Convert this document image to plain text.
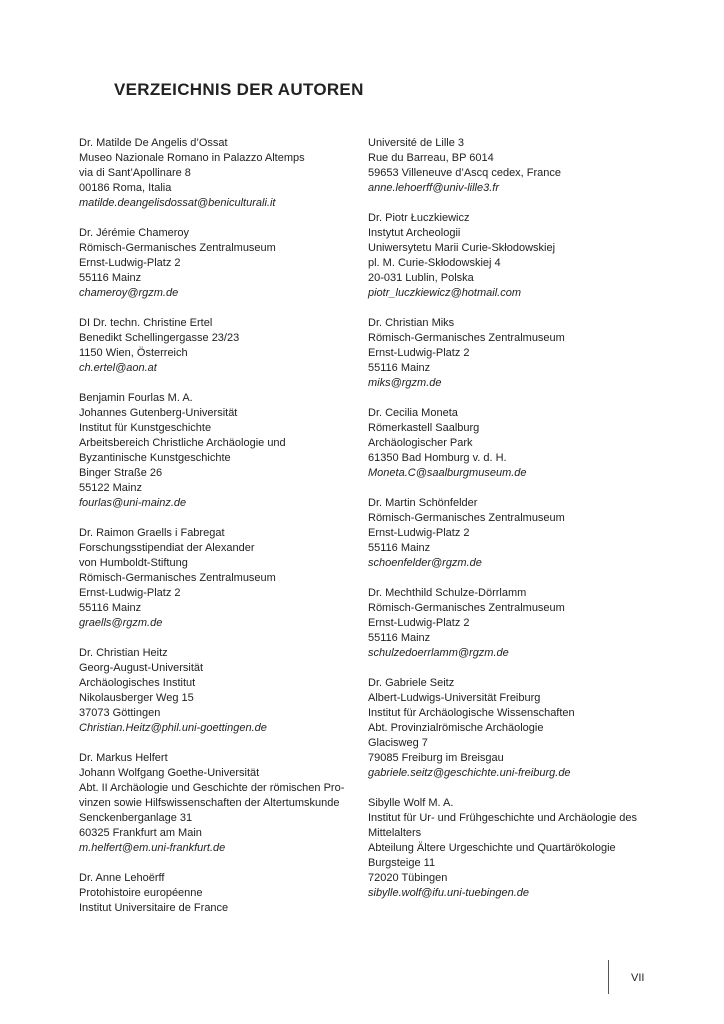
VERZEICHNIS DER AUTOREN
Dr. Matilde De Angelis d’Ossat
Museo Nazionale Romano in Palazzo Altemps
via di Sant’Apollinare 8
00186 Roma, Italia
matilde.deangelisdossat@beniculturali.it
Dr. Jérémie Chameroy
Römisch-Germanisches Zentralmuseum
Ernst-Ludwig-Platz 2
55116 Mainz
chameroy@rgzm.de
DI Dr. techn. Christine Ertel
Benedikt Schellingergasse 23/23
1150 Wien, Österreich
ch.ertel@aon.at
Benjamin Fourlas M. A.
Johannes Gutenberg-Universität
Institut für Kunstgeschichte
Arbeitsbereich Christliche Archäologie und
Byzantinische Kunstgeschichte
Binger Straße 26
55122 Mainz
fourlas@uni-mainz.de
Dr. Raimon Graells i Fabregat
Forschungsstipendiat der Alexander
von Humboldt-Stiftung
Römisch-Germanisches Zentralmuseum
Ernst-Ludwig-Platz 2
55116 Mainz
graells@rgzm.de
Dr. Christian Heitz
Georg-August-Universität
Archäologisches Institut
Nikolausberger Weg 15
37073 Göttingen
Christian.Heitz@phil.uni-goettingen.de
Dr. Markus Helfert
Johann Wolfgang Goethe-Universität
Abt. II Archäologie und Geschichte der römischen Pro-
vinzen sowie Hilfswissenschaften der Altertumskunde
Senckenberganlage 31
60325 Frankfurt am Main
m.helfert@em.uni-frankfurt.de
Dr. Anne Lehoërff
Protohistoire européenne
Institut Universitaire de France
Université de Lille 3
Rue du Barreau, BP 6014
59653 Villeneuve d’Ascq cedex, France
anne.lehoerff@univ-lille3.fr
Dr. Piotr Łuczkiewicz
Instytut Archeologii
Uniwersytetu Marii Curie-Skłodowskiej
pl. M. Curie-Skłodowskiej 4
20-031 Lublin, Polska
piotr_luczkiewicz@hotmail.com
Dr. Christian Miks
Römisch-Germanisches Zentralmuseum
Ernst-Ludwig-Platz 2
55116 Mainz
miks@rgzm.de
Dr. Cecilia Moneta
Römerkastell Saalburg
Archäologischer Park
61350 Bad Homburg v. d. H.
Moneta.C@saalburgmuseum.de
Dr. Martin Schönfelder
Römisch-Germanisches Zentralmuseum
Ernst-Ludwig-Platz 2
55116 Mainz
schoenfelder@rgzm.de
Dr. Mechthild Schulze-Dörrlamm
Römisch-Germanisches Zentralmuseum
Ernst-Ludwig-Platz 2
55116 Mainz
schulzedoerrlamm@rgzm.de
Dr. Gabriele Seitz
Albert-Ludwigs-Universität Freiburg
Institut für Archäologische Wissenschaften
Abt. Provinzialrömische Archäologie
Glacisweg 7
79085 Freiburg im Breisgau
gabriele.seitz@geschichte.uni-freiburg.de
Sibylle Wolf M. A.
Institut für Ur- und Frühgeschichte und Archäologie des
Mittelalters
Abteilung Ältere Urgeschichte und Quartärökologie
Burgsteige 11
72020 Tübingen
sibylle.wolf@ifu.uni-tuebingen.de
VII
